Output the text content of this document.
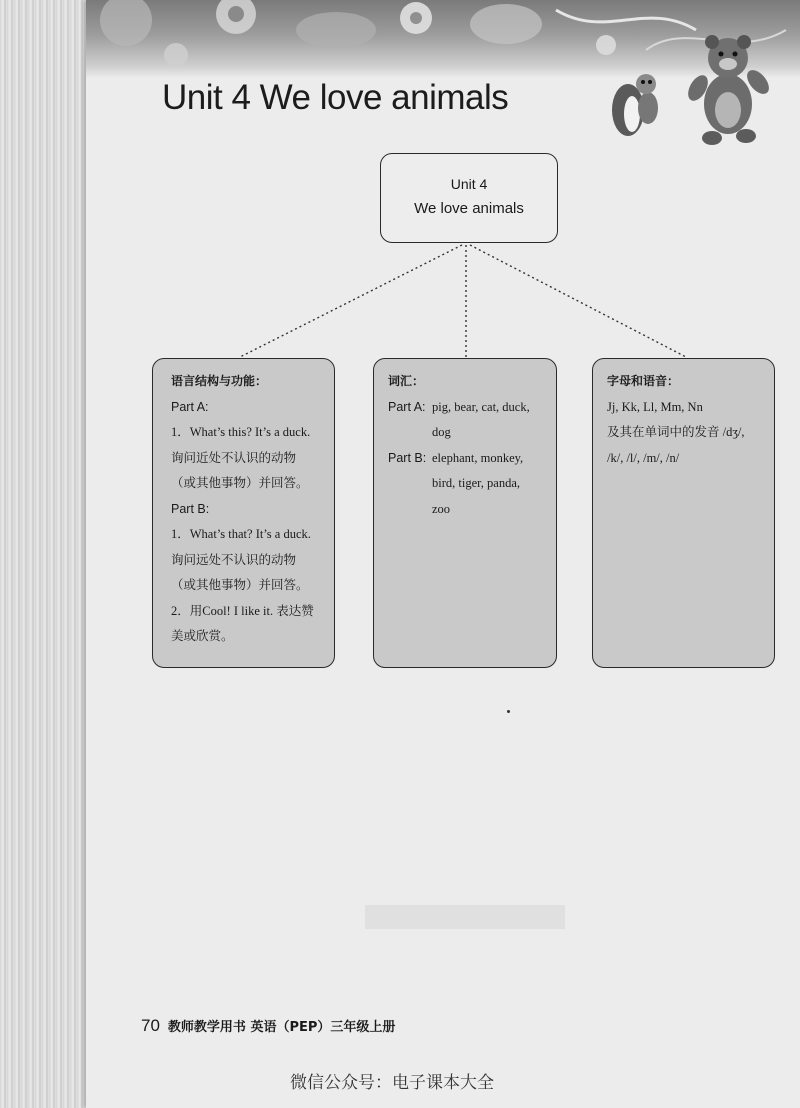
Unit 4 We love animals
Unit 4
We love animals
语言结构与功能：
Part A:
1．What’s this? It’s a duck.
询问近处不认识的动物
（或其他事物）并回答。
Part B:
1．What’s that? It’s a duck.
询问远处不认识的动物
（或其他事物）并回答。
2．用Cool! I like it. 表达赞
美或欣赏。
词汇：
Part A: pig, bear, cat, duck,
dog
Part B: elephant, monkey,
bird, tiger, panda,
zoo
字母和语音：
Jj, Kk, Ll, Mm, Nn
及其在单词中的发音 /dʒ/,
/k/, /l/, /m/, /n/
70 教师教学用书 英语（PEP）三年级上册
微信公众号：电子课本大全
